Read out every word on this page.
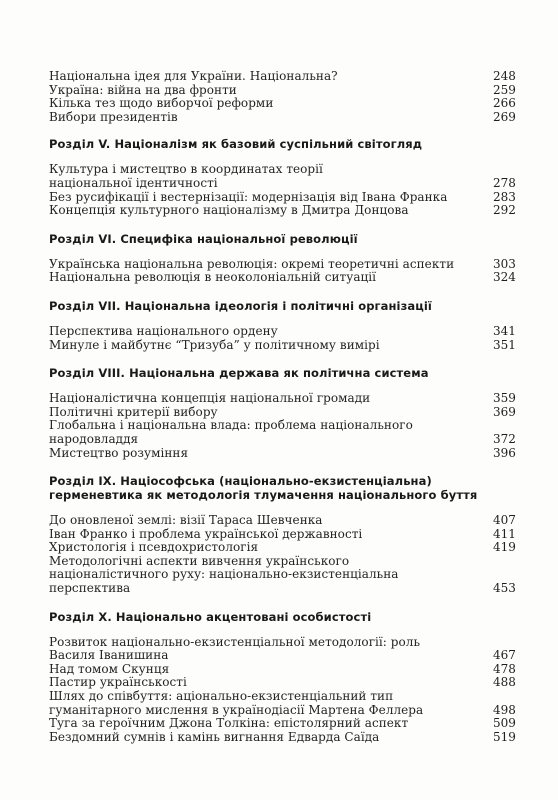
Національна ідея для України. Національна?	248
Україна: війна на два фронти	259
Кілька тез щодо виборчої реформи	266
Вибори президентів	269
Розділ V. Націоналізм як базовий суспільний світогляд
Культура і мистецтво в координатах теорії національної ідентичності	278
Без русифікації і вестернізації: модернізація від Івана Франка	283
Концепція культурного націоналізму в Дмитра Донцова	292
Розділ VI. Специфіка національної революції
Українська національна революція: окремі теоретичні аспекти	303
Національна революція в неоколоніальній ситуації	324
Розділ VII. Національна ідеологія і політичні організації
Перспектива національного ордену	341
Минуле і майбутнє “Тризуба” у політичному вимірі	351
Розділ VIII. Національна держава як політична система
Націоналістична концепція національної громади	359
Політичні критерії вибору	369
Глобальна і національна влада: проблема національного народовладдя	372
Мистецтво розуміння	396
Розділ IX. Націософська (національно-екзистенціальна) герменевтика як методологія тлумачення національного буття
До оновленої землі: візії Тараса Шевченка	407
Іван Франко і проблема української державності	411
Христологія і псевдохристологія	419
Методологічні аспекти вивчення українського націоналістичного руху: національно-екзистенціальна перспектива	453
Розділ X. Національно акцентовані особистості
Розвиток національно-екзистенціальної методології: роль Василя Іванишина	467
Над томом Скунця	478
Пастир українськості	488
Шлях до співбуття: аціонально-екзистенціальний тип гуманітарного мислення в українодіасії Мартена Феллера	498
Туга за героїчним Джона Толкіна: епістолярний аспект	509
Бездомний сумнів і камінь вигнання Едварда Саїда	519
